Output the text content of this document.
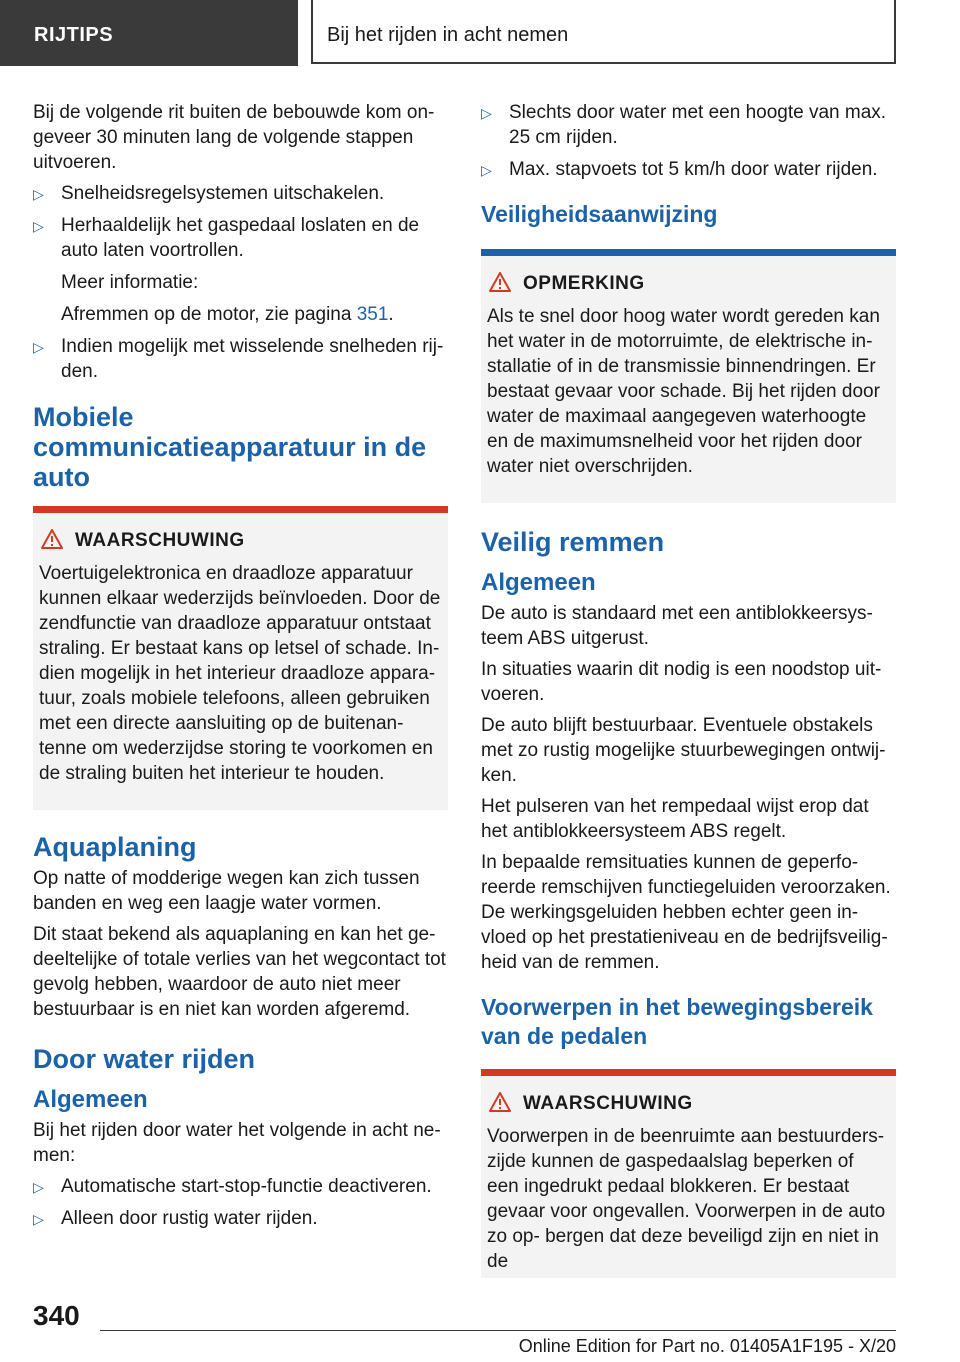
RIJTIPS	Bij het rijden in acht nemen

Bij de volgende rit buiten de bebouwde kom on- geveer 30 minuten lang de volgende stappen uitvoeren.

▷ Snelheidsregelsystemen uitschakelen.
▷ Herhaaldelijk het gaspedaal loslaten en de auto laten voortrollen.
Meer informatie:
Afremmen op de motor, zie pagina 351.
▷ Indien mogelijk met wisselende snelheden rij- den.
Mobiele communicatieapparatuur in de auto
WAARSCHUWING

Voertuigelektronica en draadloze apparatuur kunnen elkaar wederzijds beïnvloeden. Door de zendfunctie van draadloze apparatuur ontstaat straling. Er bestaat kans op letsel of schade. In- dien mogelijk in het interieur draadloze appara- tuur, zoals mobiele telefoons, alleen gebruiken met een directe aansluiting op de buitenan- tenne om wederzijdse storing te voorkomen en de straling buiten het interieur te houden.

Aquaplaning

Op natte of modderige wegen kan zich tussen banden en weg een laagje water vormen.

Dit staat bekend als aquaplaning en kan het ge- deeltelijke of totale verlies van het wegcontact tot gevolg hebben, waardoor de auto niet meer bestuurbaar is en niet kan worden afgeremd.

Door water rijden
Algemeen

Bij het rijden door water het volgende in acht ne- men:

▷ Automatische start-stop-functie deactiveren.
▷ Alleen door rustig water rijden.
▷ Slechts door water met een hoogte van max. 25 cm rijden.
▷ Max. stapvoets tot 5 km/h door water rijden.
Veiligheidsaanwijzing
OPMERKING

Als te snel door hoog water wordt gereden kan het water in de motorruimte, de elektrische in- stallatie of in de transmissie binnendringen. Er bestaat gevaar voor schade. Bij het rijden door water de maximaal aangegeven waterhoogte en de maximumsnelheid voor het rijden door water niet overschrijden.

Veilig remmen
Algemeen

De auto is standaard met een antiblokkeersys- teem ABS uitgerust.

In situaties waarin dit nodig is een noodstop uit- voeren.

De auto blijft bestuurbaar. Eventuele obstakels met zo rustig mogelijke stuurbewegingen ontwij- ken.

Het pulseren van het rempedaal wijst erop dat het antiblokkeersysteem ABS regelt.

In bepaalde remsituaties kunnen de geperfo- reerde remschijven functiegeluiden veroorzaken. De werkingsgeluiden hebben echter geen in- vloed op het prestatieniveau en de bedrijfsveilig- heid van de remmen.

Voorwerpen in het bewegingsbereik van de pedalen
WAARSCHUWING

Voorwerpen in de beenruimte aan bestuurders- zijde kunnen de gaspedaalslag beperken of een ingedrukt pedaal blokkeren. Er bestaat gevaar voor ongevallen. Voorwerpen in de auto zo op- bergen dat deze beveiligd zijn en niet in de

340
Online Edition for Part no. 01405A1F195 - X/20
